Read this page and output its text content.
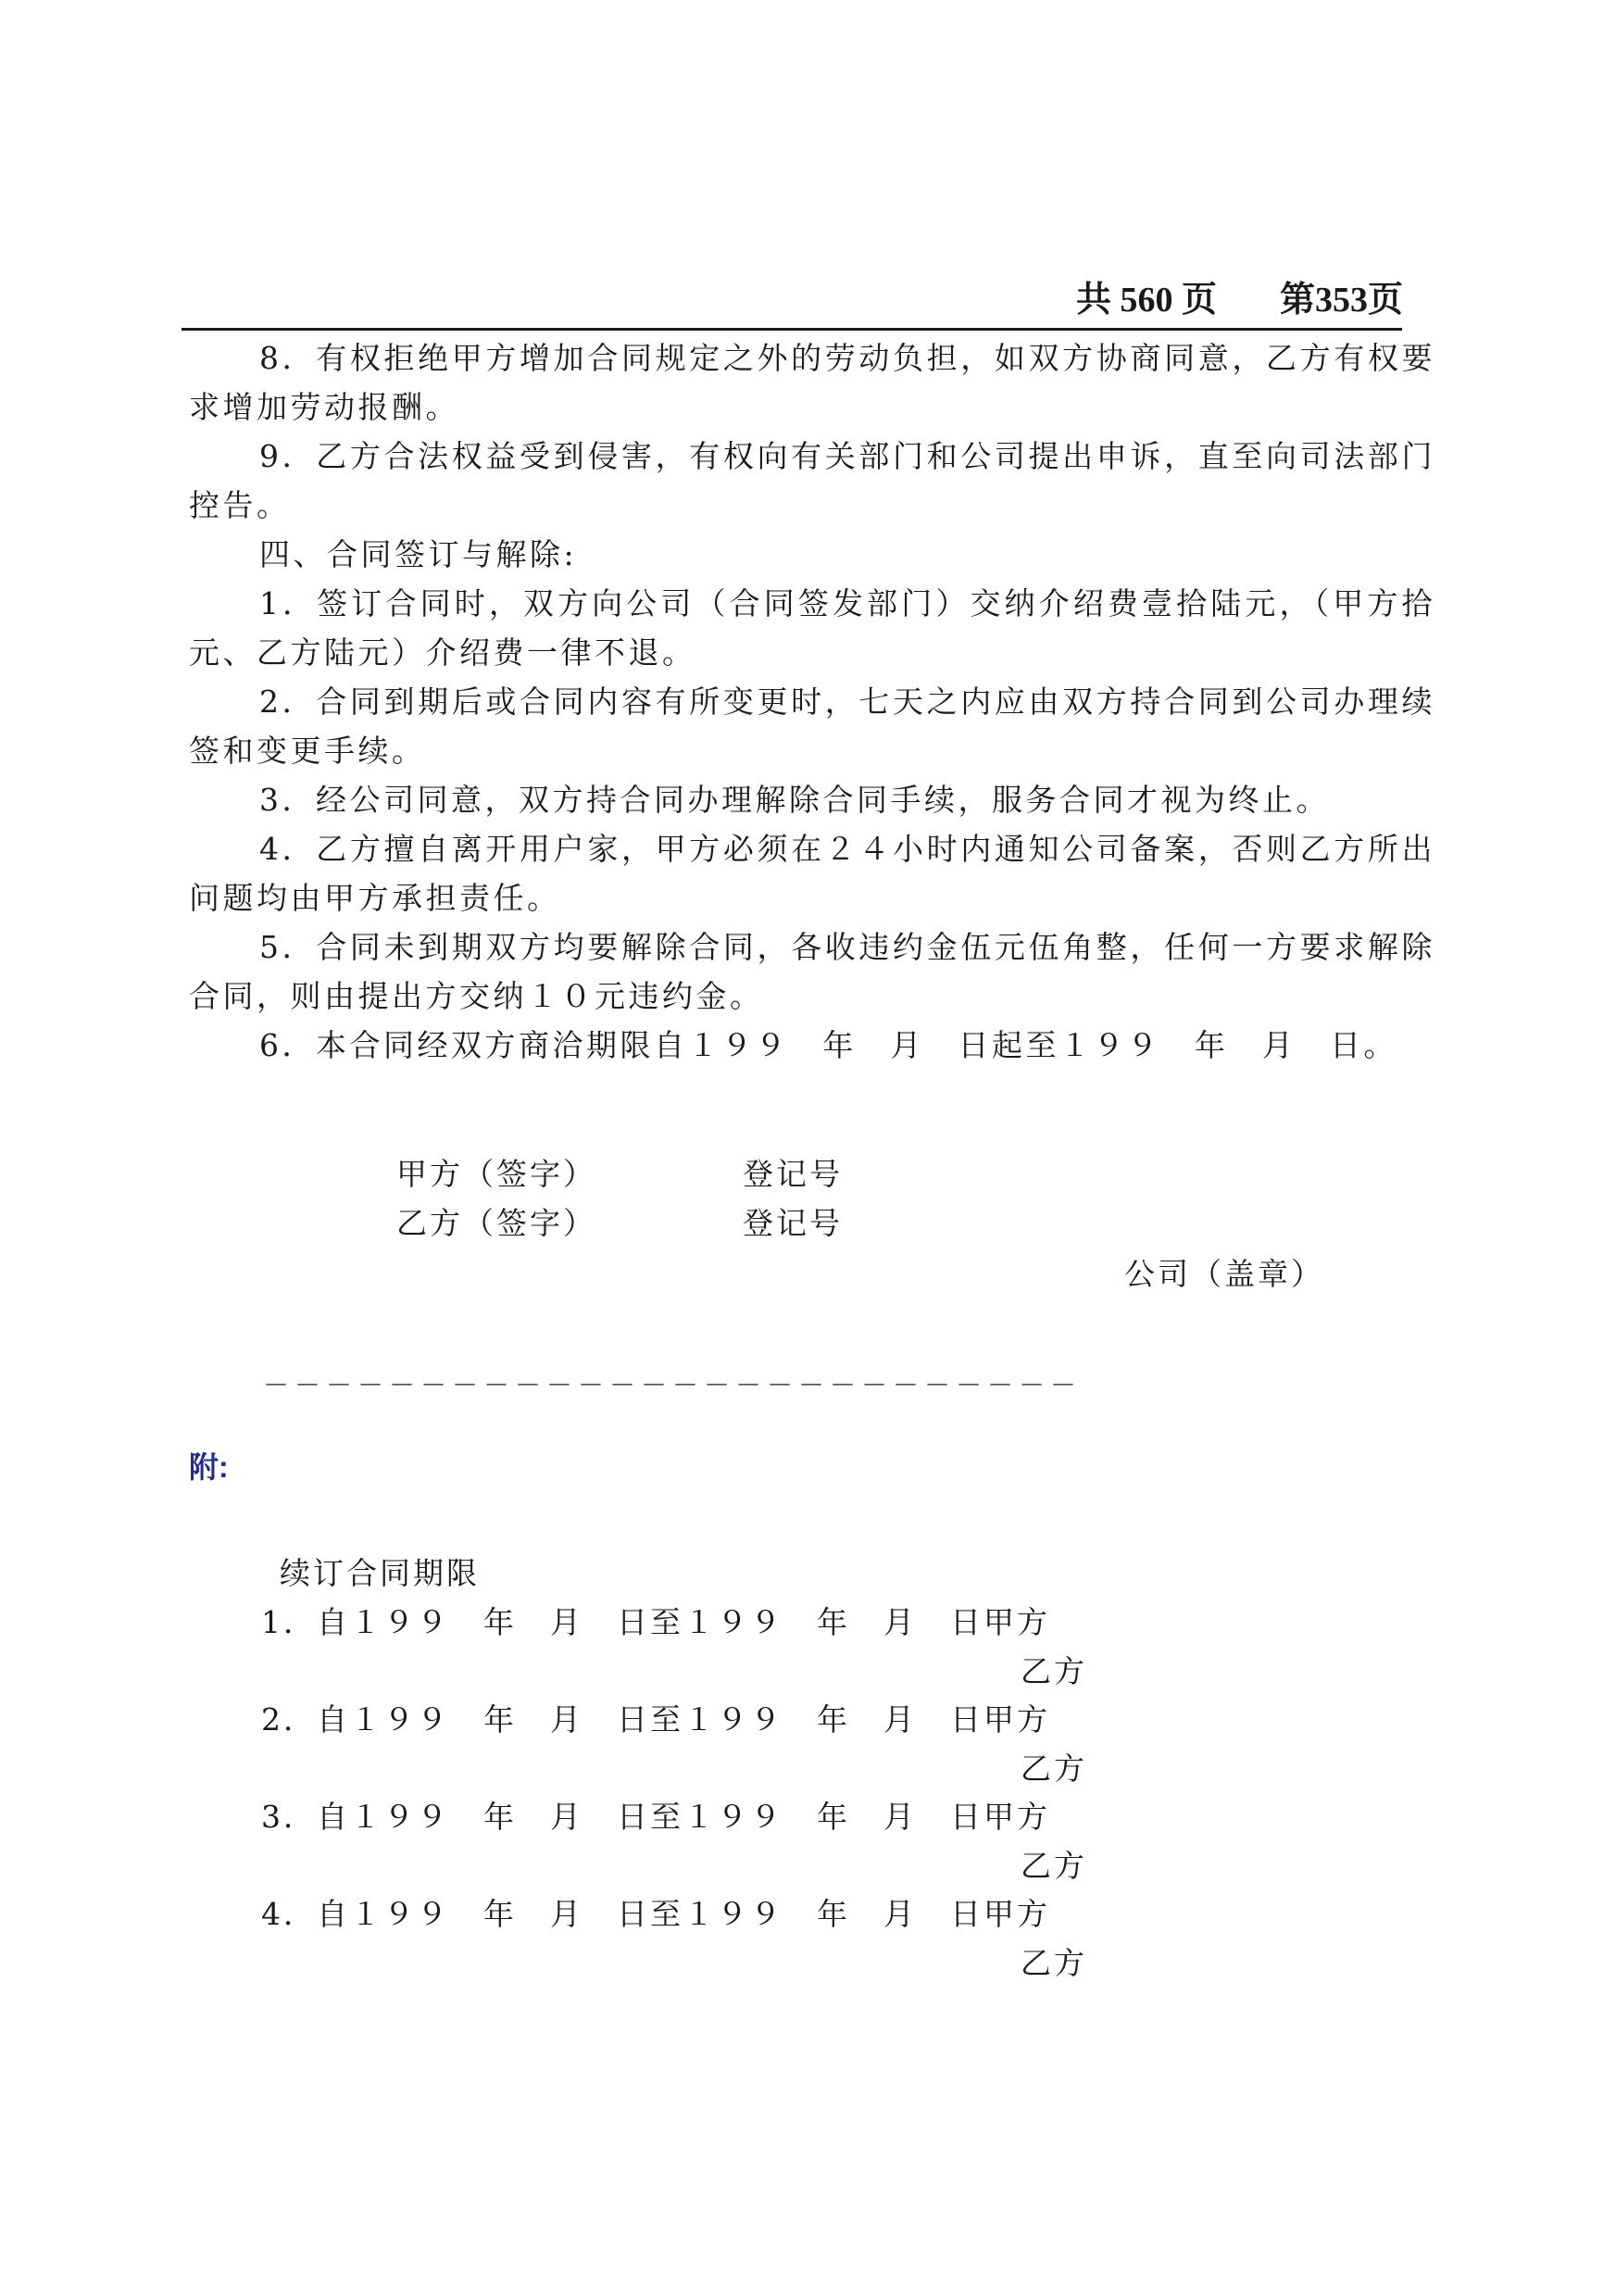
共 560 页 第353页

8．有权拒绝甲方增加合同规定之外的劳动负担，如双方协商同意，乙方有权要求增加劳动报酬。

9．乙方合法权益受到侵害，有权向有关部门和公司提出申诉，直至向司法部门控告。

四、合同签订与解除:

1．签订合同时，双方向公司（合同签发部门）交纳介绍费壹拾陆元，（甲方拾元、乙方陆元）介绍费一律不退。

2．合同到期后或合同内容有所变更时，七天之内应由双方持合同到公司办理续签和变更手续。

3．经公司同意，双方持合同办理解除合同手续，服务合同才视为终止。

4．乙方擅自离开用户家，甲方必须在２４小时内通知公司备案，否则乙方所出问题均由甲方承担责任。

5．合同未到期双方均要解除合同，各收违约金伍元伍角整，任何一方要求解除合同，则由提出方交纳１０元违约金。

6．本合同经双方商洽期限自１９９　年　月　日起至１９９　年　月　日。

甲方（签字）	登记号
乙方（签字）	登记号
公司（盖章）
－－－－－－－－－－－－－－－－－－－－－－－－－－
附:
续订合同期限
1．自１９９　年　月　日至１９９　年　月　日甲方
乙方
2．自１９９　年　月　日至１９９　年　月　日甲方
乙方
3．自１９９　年　月　日至１９９　年　月　日甲方
乙方
4．自１９９　年　月　日至１９９　年　月　日甲方
乙方
